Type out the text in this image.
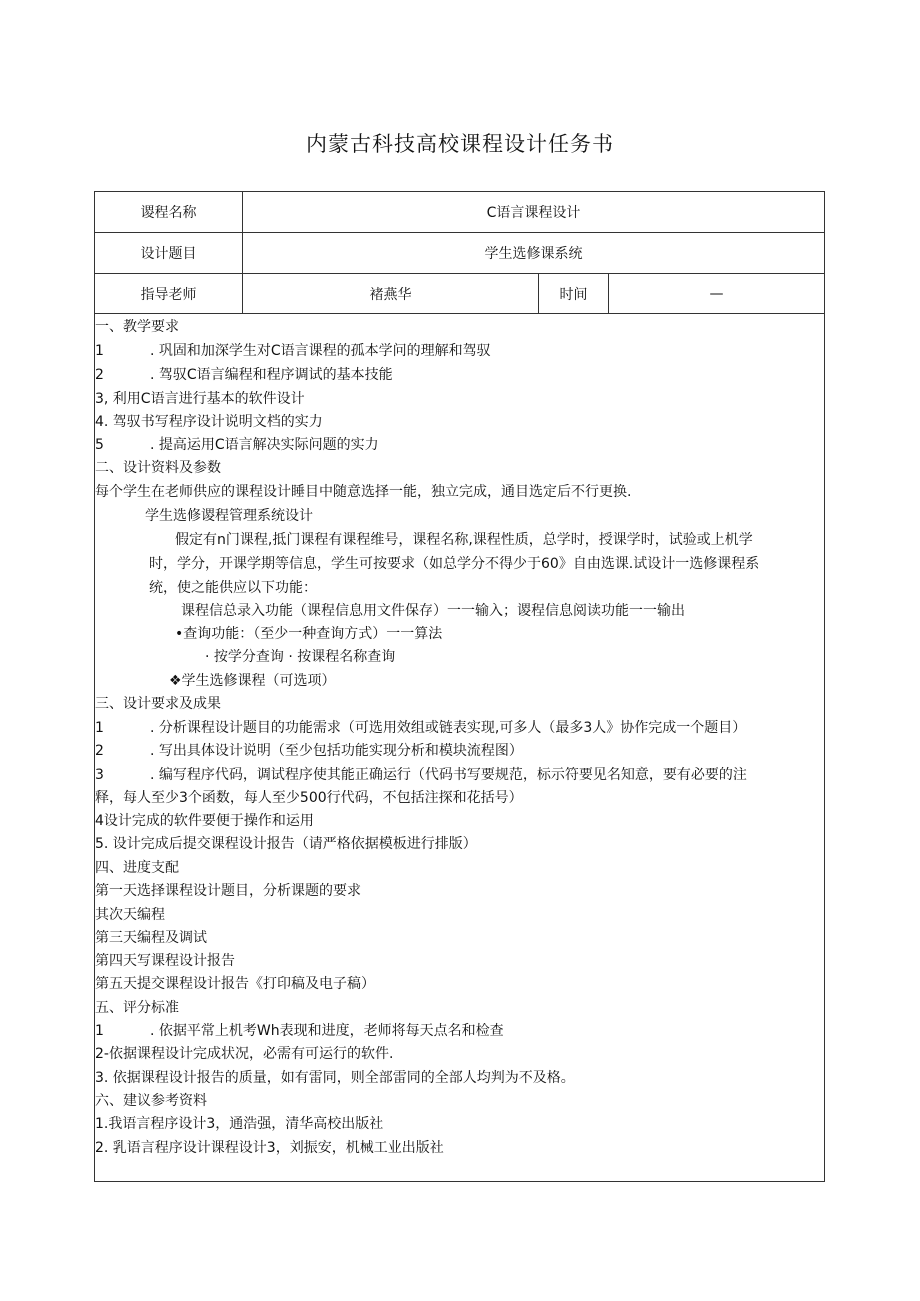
内蒙古科技高校课程设计任务书
谡程名称	C语言课程设计
设计题目	学生选修课系统
指导老师	褚燕华	时间	—
一、教学要求
1	. 巩固和加深学生对C语言课程的孤本学问的理解和驾驭
2	. 驾驭C语言编程和程序调试的基本技能
3, 利用C语言进行基本的软件设计
4. 驾驭书写程序设计说明文档的实力
5	. 提高运用C语言解决实际问题的实力
二、设计资料及参数
每个学生在老师供应的课程设计睡目中随意选择一能，独立完成，通目选定后不行更换.
学生选修谡程管理系统设计
假定有n门课程,抵门课程有课程维号，课程名称,课程性质，总学时，授课学时，试验或上机学
时，学分，开课学期等信息，学生可按要求（如总学分不得少于60》自由选课.试设计一选修课程系
统，使之能供应以下功能：
课程信总录入功能（课程信息用文件保存）一一输入；谡程信息阅读功能一一输出
•查询功能：（至少一种查询方式）一一算法
· 按学分查询 · 按课程名称查询
❖学生选修课程（可选项）
三、设计要求及成果
1	. 分析课程设计题目的功能需求（可选用效组或链表实现,可多人（最多3人》协作完成一个题目）
2	. 写出具体设计说明（至少包括功能实现分析和模块流程图）
3	. 编写程序代码，调试程序使其能正确运行（代码书写要规范，标示符要见名知意，要有必要的注
释，每人至少3个函数，每人至少500行代码，不包括注探和花括号）
4设计完成的软件要便于操作和运用
5. 设计完成后提交课程设计报告（请严格依据模板进行排版）
四、进度支配
第一天选择课程设计题目，分析课题的要求
其次天编程
第三天编程及调试
第四天写课程设计报告
第五天提交课程设计报告《打印稿及电子稿）
五、评分标准
1	. 依据平常上机考Wh表现和进度，老师将每天点名和检查
2-依据课程设计完成状况，必需有可运行的软件.
3. 依据课程设计报告的质量，如有雷同，则全部雷同的全部人均判为不及格。
六、建议参考资料
1.我语言程序设计3，通浩强，清华高校出版社
2. 乳语言程序设计课程设计3，刘振安，机械工业出版社
